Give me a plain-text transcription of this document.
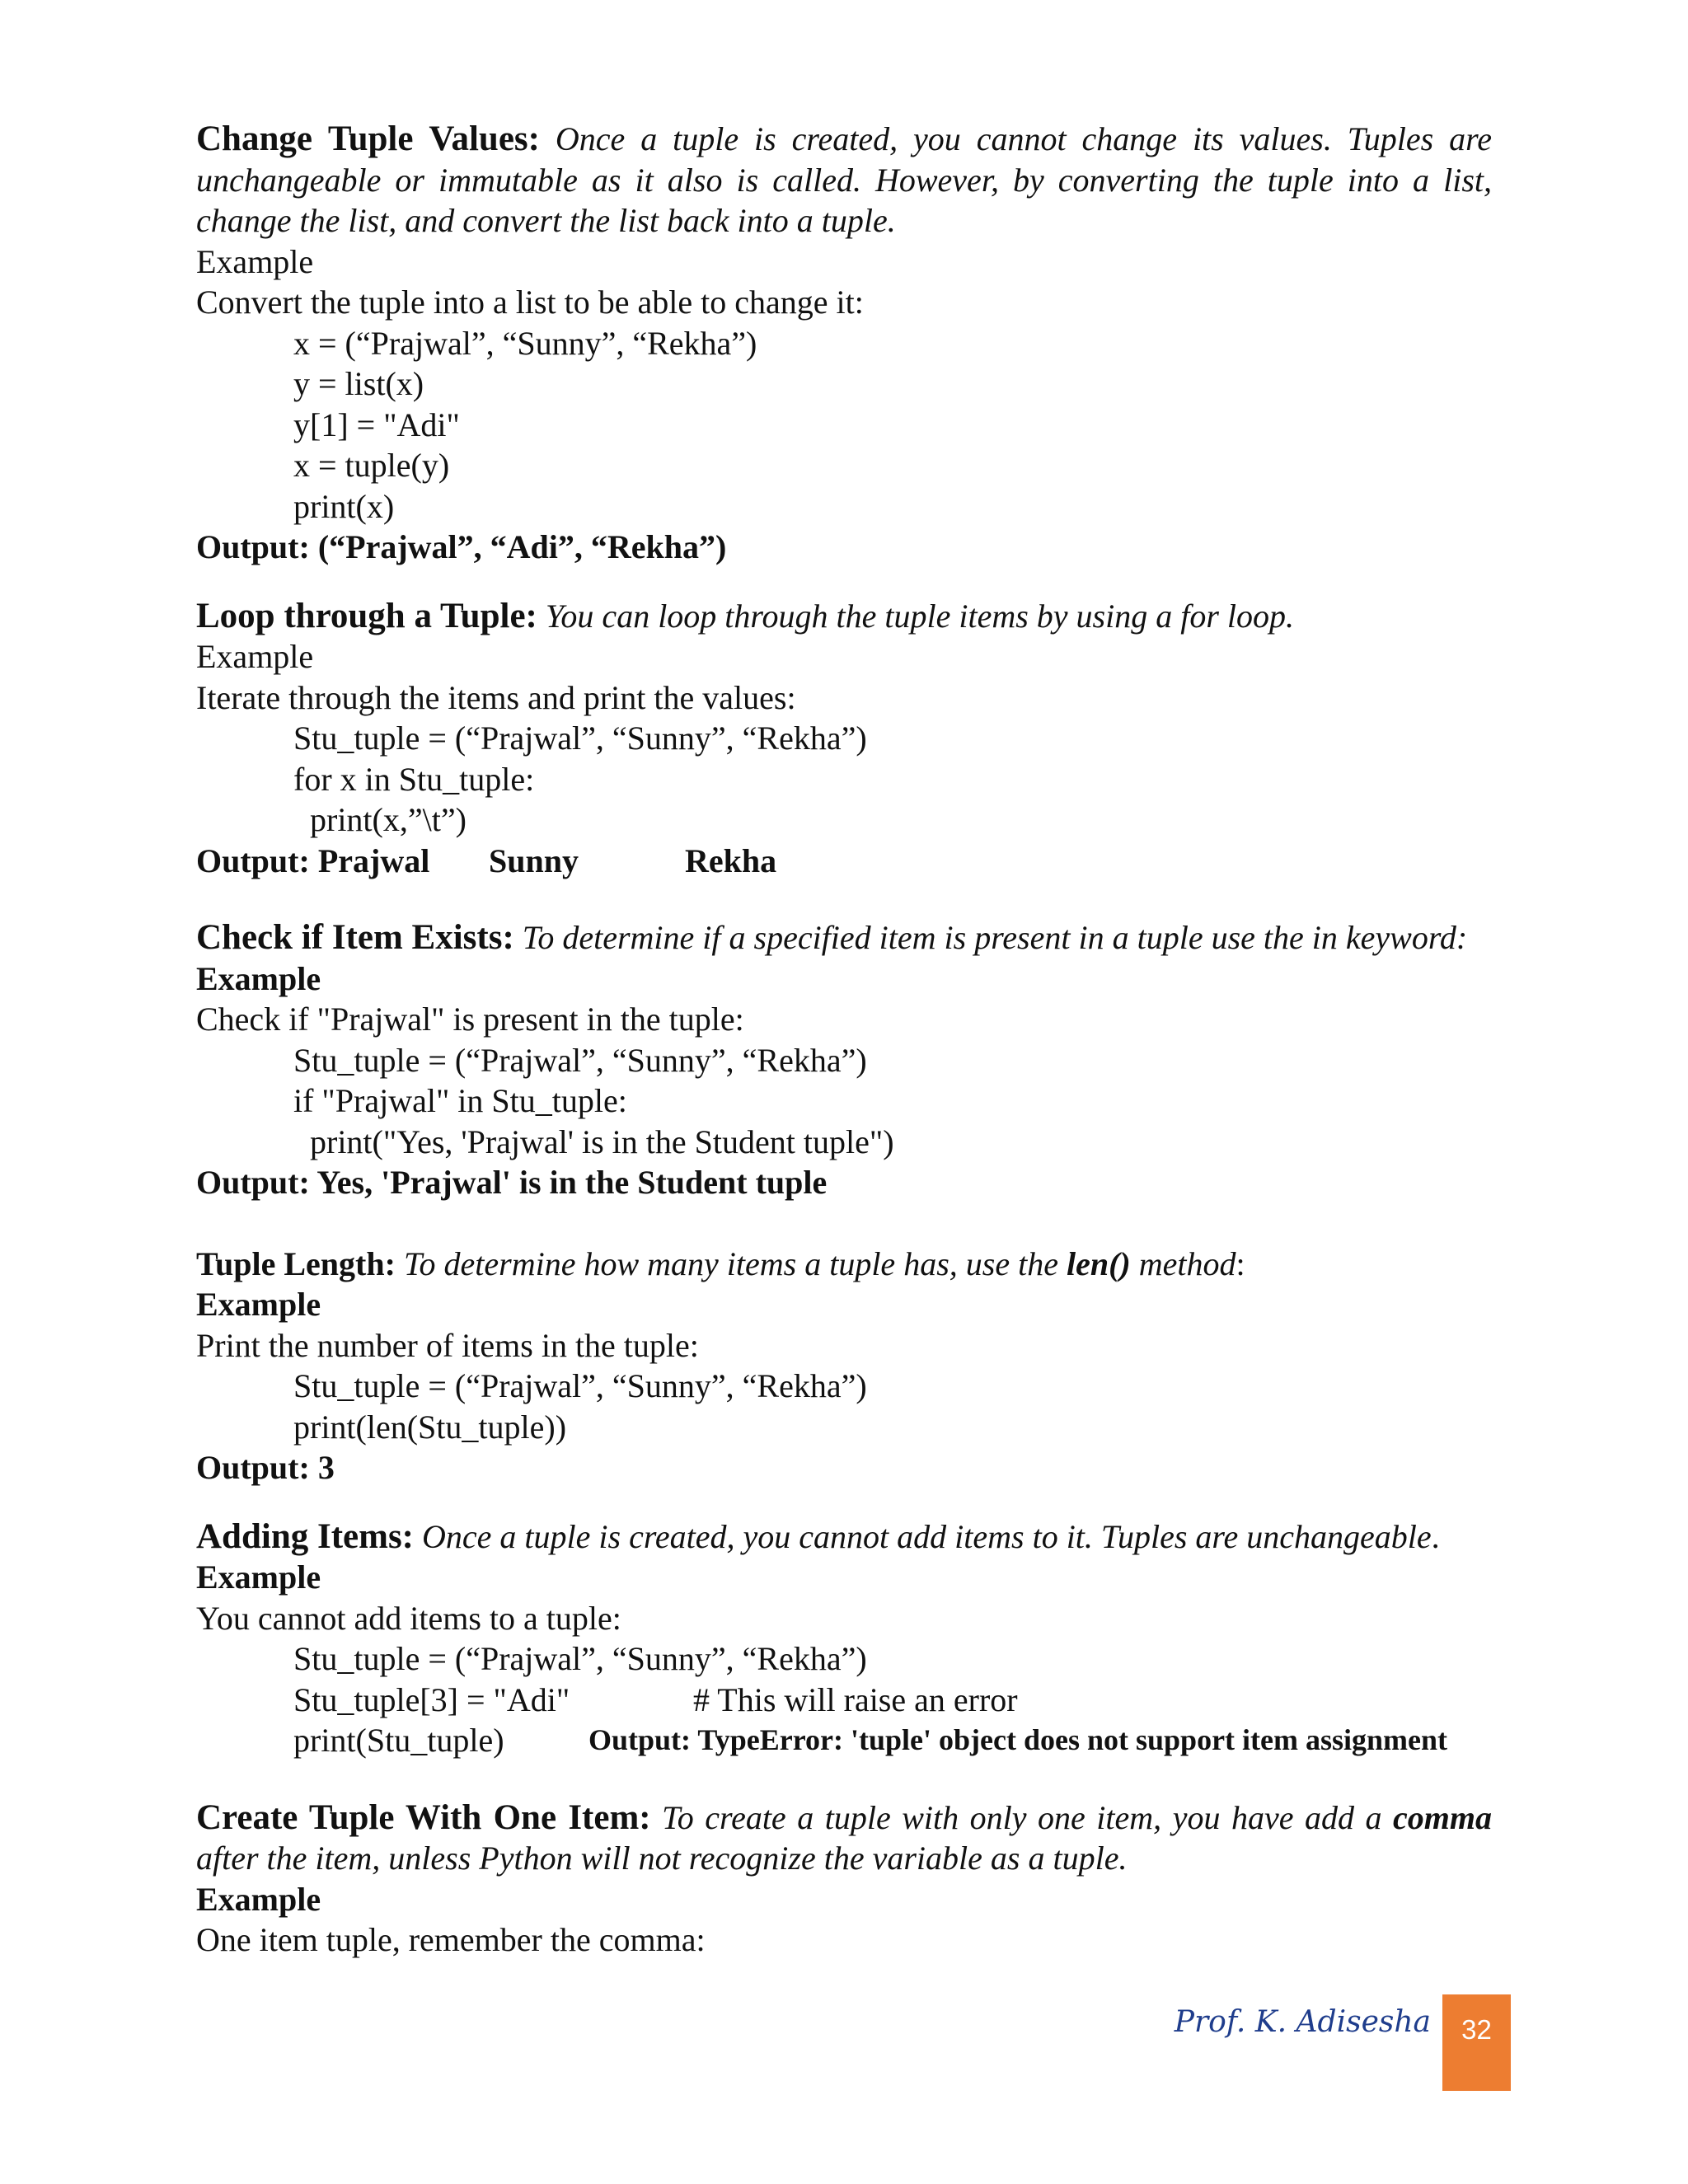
Change Tuple Values: Once a tuple is created, you cannot change its values. Tuples are unchangeable or immutable as it also is called. However, by converting the tuple into a list, change the list, and convert the list back into a tuple.

Example

Convert the tuple into a list to be able to change it:

x = (“Prajwal”, “Sunny”, “Rekha”)

y = list(x)

y[1] = "Adi"

x = tuple(y)

print(x)

Output: (“Prajwal”, “Adi”, “Rekha”)

Loop through a Tuple: You can loop through the tuple items by using a for loop.

Example

Iterate through the items and print the values:

Stu_tuple = (“Prajwal”, “Sunny”, “Rekha”)

for x in Stu_tuple:

print(x,”\t”)

Output: Prajwal	Sunny	Rekha

Check if Item Exists: To determine if a specified item is present in a tuple use the in keyword:

Example

Check if "Prajwal" is present in the tuple:

Stu_tuple = (“Prajwal”, “Sunny”, “Rekha”)

if "Prajwal" in Stu_tuple:

print("Yes, 'Prajwal' is in the Student tuple")

Output: Yes, 'Prajwal' is in the Student tuple

Tuple Length: To determine how many items a tuple has, use the len() method:

Example

Print the number of items in the tuple:

Stu_tuple = (“Prajwal”, “Sunny”, “Rekha”)

print(len(Stu_tuple))

Output: 3

Adding Items: Once a tuple is created, you cannot add items to it. Tuples are unchangeable.

Example

You cannot add items to a tuple:

Stu_tuple = (“Prajwal”, “Sunny”, “Rekha”)

Stu_tuple[3] = "Adi"	# This will raise an error
print(Stu_tuple)	Output: TypeError: 'tuple' object does not support item assignment

Create Tuple With One Item: To create a tuple with only one item, you have add a comma after the item, unless Python will not recognize the variable as a tuple.

Example

One item tuple, remember the comma:

Prof. K. Adisesha	32
